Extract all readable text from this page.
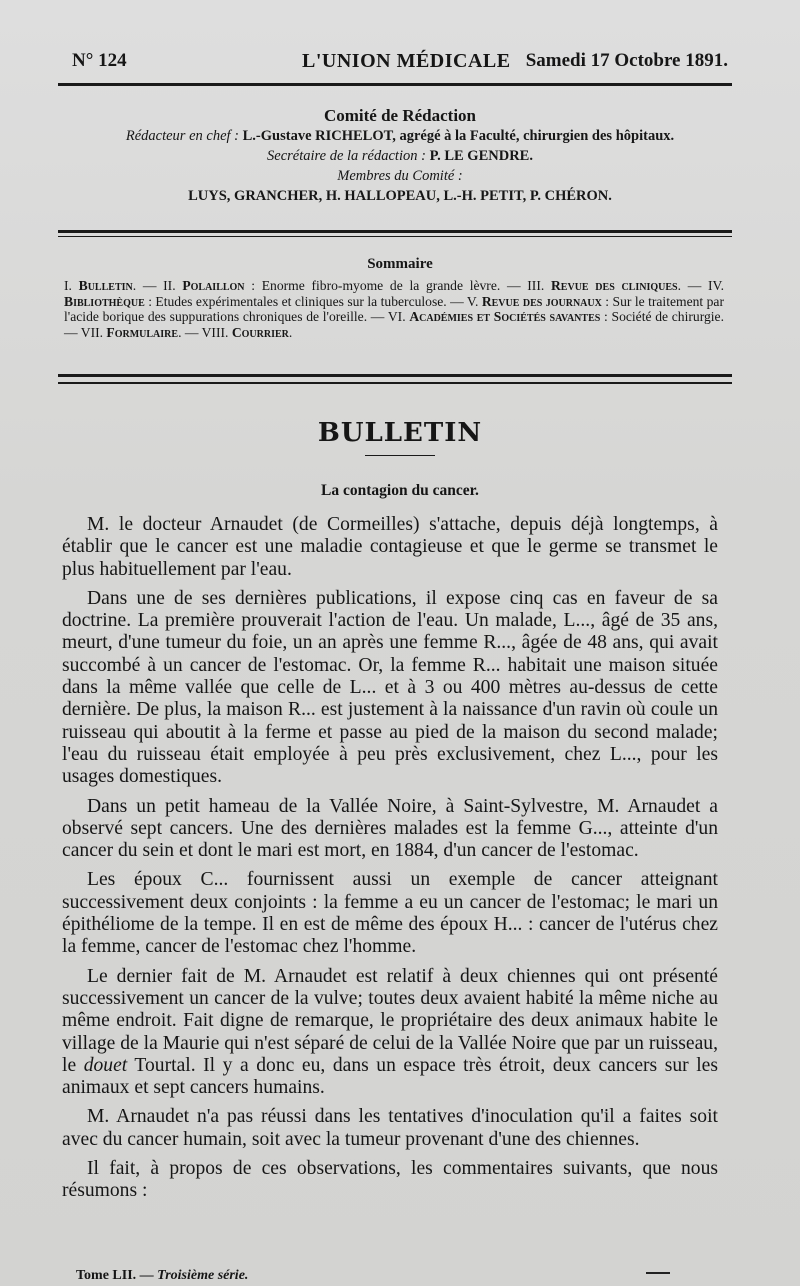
N° 124	L'UNION MÉDICALE Samedi 17 Octobre 1891.
Comité de Rédaction
Rédacteur en chef : L.-Gustave RICHELOT, agrégé à la Faculté, chirurgien des hôpitaux.
Secrétaire de la rédaction : P. LE GENDRE.
Membres du Comité :
LUYS, GRANCHER, H. HALLOPEAU, L.-H. PETIT, P. CHÉRON.
Sommaire
I. Bulletin. — II. Polaillon : Enorme fibro-myome de la grande lèvre. — III. Revue des cliniques. — IV. Bibliothèque : Etudes expérimentales et cliniques sur la tuberculose. — V. Revue des journaux : Sur le traitement par l'acide borique des suppurations chroniques de l'oreille. — VI. Académies et Sociétés savantes : Société de chirurgie. — VII. Formulaire. — VIII. Courrier.
BULLETIN
La contagion du cancer.

M. le docteur Arnaudet (de Cormeilles) s'attache, depuis déjà longtemps, à établir que le cancer est une maladie contagieuse et que le germe se transmet le plus habituellement par l'eau.

Dans une de ses dernières publications, il expose cinq cas en faveur de sa doctrine. La première prouverait l'action de l'eau. Un malade, L..., âgé de 35 ans, meurt, d'une tumeur du foie, un an après une femme R..., âgée de 48 ans, qui avait succombé à un cancer de l'estomac. Or, la femme R... habitait une maison située dans la même vallée que celle de L... et à 3 ou 400 mètres au-dessus de cette dernière. De plus, la maison R... est justement à la naissance d'un ravin où coule un ruisseau qui aboutit à la ferme et passe au pied de la maison du second malade; l'eau du ruisseau était employée à peu près exclusivement, chez L..., pour les usages domestiques.

Dans un petit hameau de la Vallée Noire, à Saint-Sylvestre, M. Arnaudet a observé sept cancers. Une des dernières malades est la femme G..., atteinte d'un cancer du sein et dont le mari est mort, en 1884, d'un cancer de l'estomac.

Les époux C... fournissent aussi un exemple de cancer atteignant successivement deux conjoints : la femme a eu un cancer de l'estomac; le mari un épithéliome de la tempe. Il en est de même des époux H... : cancer de l'utérus chez la femme, cancer de l'estomac chez l'homme.

Le dernier fait de M. Arnaudet est relatif à deux chiennes qui ont présenté successivement un cancer de la vulve; toutes deux avaient habité la même niche au même endroit. Fait digne de remarque, le propriétaire des deux animaux habite le village de la Maurie qui n'est séparé de celui de la Vallée Noire que par un ruisseau, le douet Tourtal. Il y a donc eu, dans un espace très étroit, deux cancers sur les animaux et sept cancers humains.

M. Arnaudet n'a pas réussi dans les tentatives d'inoculation qu'il a faites soit avec du cancer humain, soit avec la tumeur provenant d'une des chiennes.

Il fait, à propos de ces observations, les commentaires suivants, que nous résumons :

Tome LII. — Troisième série.
